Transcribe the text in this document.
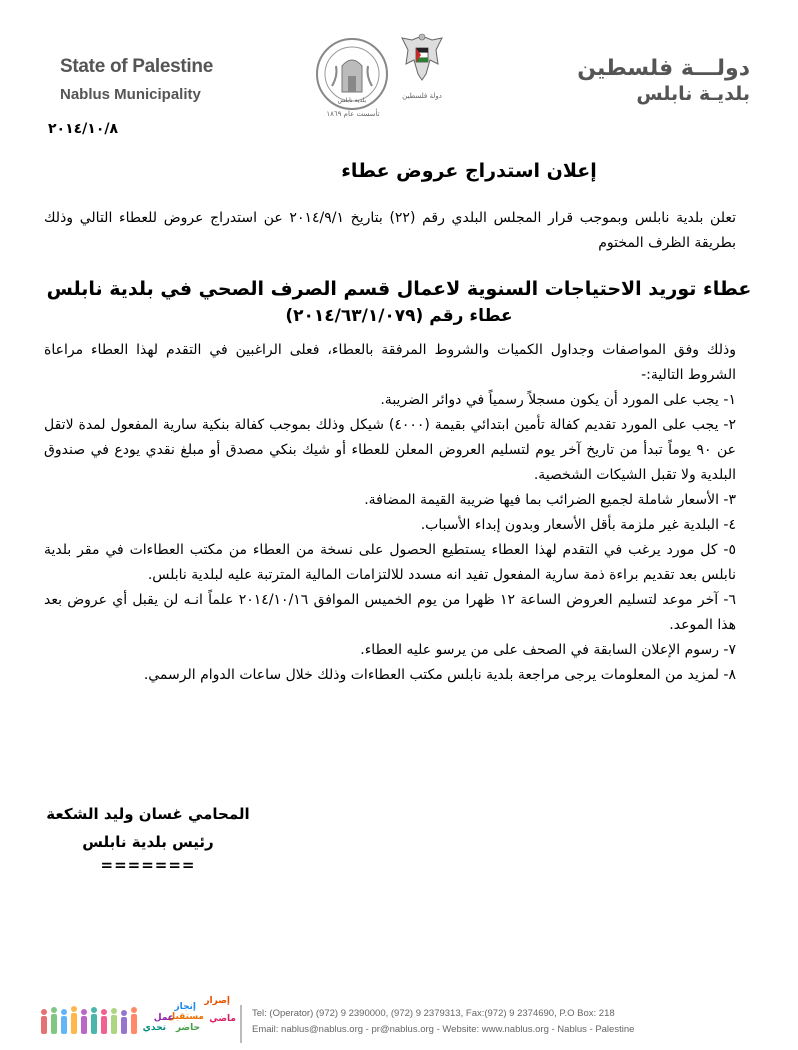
State of Palestine
Nablus Municipality	بلدية نابلس
تأسست عام ١٨٦٩
دولة فلسطين
دولـــة فلسطين
بلديـة نابلس
٢٠١٤/١٠/٨
إعلان استدراج عروض عطاء
تعلن بلدية نابلس وبموجب قرار المجلس البلدي رقم (٢٢) بتاريخ ٢٠١٤/٩/١ عن استدراج عروض للعطاء التالي وذلك بطريقة الظرف المختوم
عطاء توريد الاحتياجات السنوية لاعمال قسم الصرف الصحي في بلدية نابلس
عطاء رقم (٢٠١٤/٦٣/١/٠٧٩)

وذلك وفق المواصفات وجداول الكميات والشروط المرفقة بالعطاء، فعلى الراغبين في التقدم لهذا العطاء مراعاة الشروط التالية:-

١- يجب على المورد أن يكون مسجلاً رسمياً في دوائر الضريبة.

٢- يجب على المورد تقديم كفالة تأمين ابتدائي بقيمة (٤٠٠٠) شيكل وذلك بموجب كفالة بنكية سارية المفعول لمدة لاتقل عن ٩٠ يوماً تبدأ من تاريخ آخر يوم لتسليم العروض المعلن للعطاء أو شيك بنكي مصدق أو مبلغ نقدي يودع في صندوق البلدية ولا تقبل الشيكات الشخصية.

٣- الأسعار شاملة لجميع الضرائب بما فيها ضريبة القيمة المضافة.

٤- البلدية غير ملزمة بأقل الأسعار وبدون إبداء الأسباب.

٥- كل مورد يرغب في التقدم لهذا العطاء يستطيع الحصول على نسخة من العطاء من مكتب العطاءات في مقر بلدية نابلس بعد تقديم براءة ذمة سارية المفعول تفيد انه مسدد للالتزامات المالية المترتبة عليه لبلدية نابلس.

٦- آخر موعد لتسليم العروض الساعة ١٢ ظهرا من يوم الخميس الموافق ٢٠١٤/١٠/١٦ علماً انـه لن يقبل أي عروض بعد هذا الموعد.

٧- رسوم الإعلان السابقة في الصحف على من يرسو عليه العطاء.

٨- لمزيد من المعلومات يرجى مراجعة بلدية نابلس مكتب العطاءات وذلك خلال ساعات الدوام الرسمي.

المحامي غسان وليد الشكعة
رئيس بلدية نابلس
=======
إصرار
إنجاز
ماضي
مستقبل
حاضر
عمل
تحدي
Tel: (Operator) (972) 9 2390000, (972) 9 2379313, Fax:(972) 9 2374690, P.O Box: 218
Email: nablus@nablus.org - pr@nablus.org - Website: www.nablus.org - Nablus - Palestine
